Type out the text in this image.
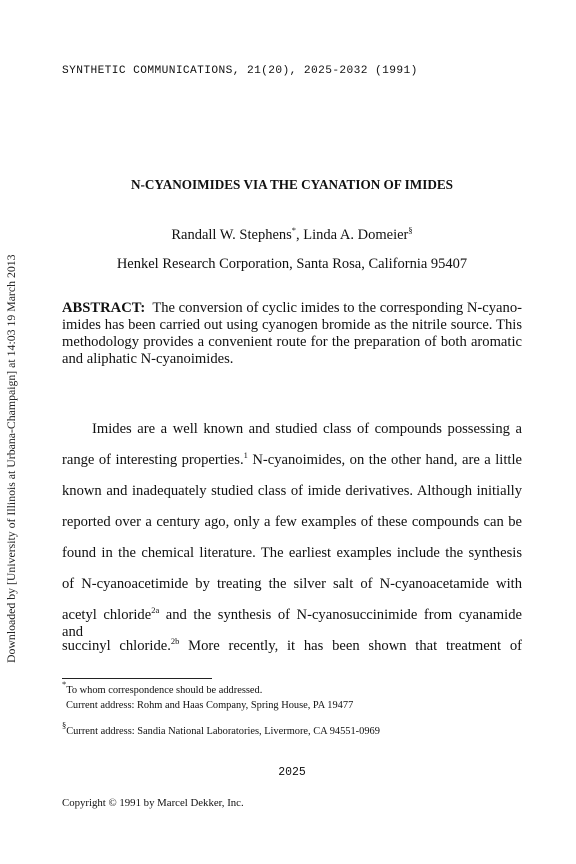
SYNTHETIC COMMUNICATIONS, 21(20), 2025-2032 (1991)
Downloaded by [University of Illinois at Urbana-Champaign] at 14:03 19 March 2013
N-CYANOIMIDES VIA THE CYANATION OF IMIDES
Randall W. Stephens*, Linda A. Domeier§
Henkel Research Corporation, Santa Rosa, California 95407
ABSTRACT: The conversion of cyclic imides to the corresponding N-cyano-imides has been carried out using cyanogen bromide as the nitrile source. This methodology provides a convenient route for the preparation of both aromatic and aliphatic N-cyanoimides.
Imides are a well known and studied class of compounds possessing a
range of interesting properties.$^1$ N-cyanoimides, on the other hand, are a little
known and inadequately studied class of imide derivatives. Although initially
reported over a century ago, only a few examples of these compounds can be
found in the chemical literature. The earliest examples include the synthesis
of N-cyanoacetimide by treating the silver salt of N-cyanoacetamide with
acetyl chloride$^{2a}$ and the synthesis of N-cyanosuccinimide from cyanamide and
succinyl chloride.$^{2b}$ More recently, it has been shown that treatment of
*To whom correspondence should be addressed.
Current address: Rohm and Haas Company, Spring House, PA 19477
§Current address: Sandia National Laboratories, Livermore, CA 94551-0969
2025
Copyright © 1991 by Marcel Dekker, Inc.
